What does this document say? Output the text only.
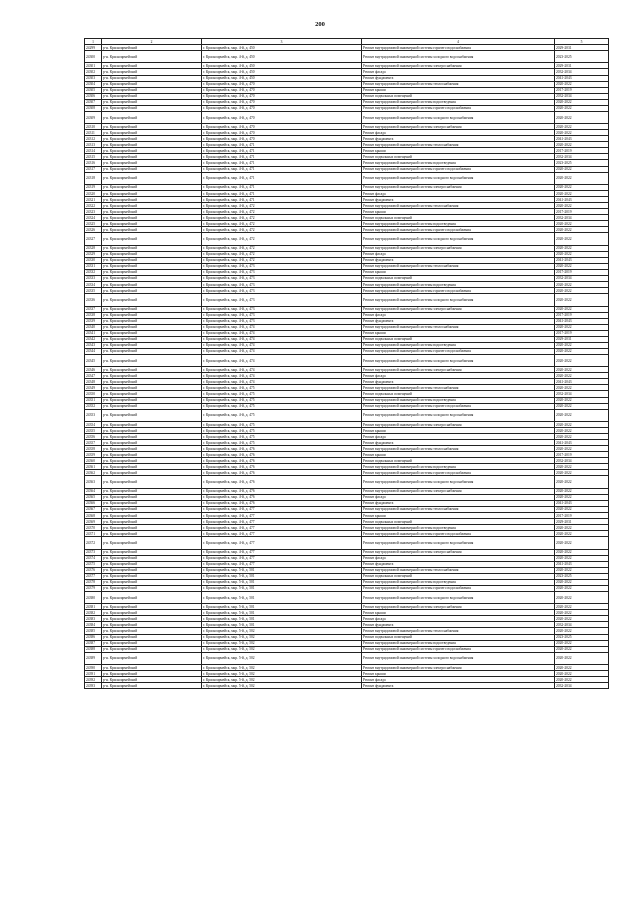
200
1	2	3	4	5
24299	р-н. Красноармейский	г. Красноармейск, мкр. 4-й, д. 450	Ремонт внутридомовой инженерной системы горячего водоснабжения	2029-2031
24300	р-н. Красноармейский	г. Красноармейск, мкр. 4-й, д. 450	Ремонт внутридомовой инженерной системы холодного водоснабжения	2023-2025
24301	р-н. Красноармейский	г. Красноармейск, мкр. 4-й, д. 450	Ремонт внутридомовой инженерной системы электроснабжения	2029-2031
24302	р-н. Красноармейский	г. Красноармейск, мкр. 4-й, д. 450	Ремонт фасада	2032-2034
24303	р-н. Красноармейский	г. Красноармейск, мкр. 4-й, д. 450	Ремонт фундамента	2041-2043
24304	р-н. Красноармейский	г. Красноармейск, мкр. 4-й, д. 470	Ремонт внутридомовой инженерной системы теплоснабжения	2020-2022
24305	р-н. Красноармейский	г. Красноармейск, мкр. 4-й, д. 470	Ремонт крыши	2017-2019
24306	р-н. Красноармейский	г. Красноармейск, мкр. 4-й, д. 470	Ремонт подвальных помещений	2032-2034
24307	р-н. Красноармейский	г. Красноармейск, мкр. 4-й, д. 470	Ремонт внутридомовой инженерной системы водоотведения	2020-2022
24308	р-н. Красноармейский	г. Красноармейск, мкр. 4-й, д. 470	Ремонт внутридомовой инженерной системы горячего водоснабжения	2020-2022
24309	р-н. Красноармейский	г. Красноармейск, мкр. 4-й, д. 470	Ремонт внутридомовой инженерной системы холодного водоснабжения	2020-2022
24310	р-н. Красноармейский	г. Красноармейск, мкр. 4-й, д. 470	Ремонт внутридомовой инженерной системы электроснабжения	2020-2022
24311	р-н. Красноармейский	г. Красноармейск, мкр. 4-й, д. 470	Ремонт фасада	2020-2022
24312	р-н. Красноармейский	г. Красноармейск, мкр. 4-й, д. 470	Ремонт фундамента	2041-2043
24313	р-н. Красноармейский	г. Красноармейск, мкр. 4-й, д. 471	Ремонт внутридомовой инженерной системы теплоснабжения	2020-2022
24314	р-н. Красноармейский	г. Красноармейск, мкр. 4-й, д. 471	Ремонт крыши	2017-2019
24315	р-н. Красноармейский	г. Красноармейск, мкр. 4-й, д. 471	Ремонт подвальных помещений	2032-2034
24316	р-н. Красноармейский	г. Красноармейск, мкр. 4-й, д. 471	Ремонт внутридомовой инженерной системы водоотведения	2023-2025
24317	р-н. Красноармейский	г. Красноармейск, мкр. 4-й, д. 471	Ремонт внутридомовой инженерной системы горячего водоснабжения	2020-2022
24318	р-н. Красноармейский	г. Красноармейск, мкр. 4-й, д. 471	Ремонт внутридомовой инженерной системы холодного водоснабжения	2020-2022
24319	р-н. Красноармейский	г. Красноармейск, мкр. 4-й, д. 471	Ремонт внутридомовой инженерной системы электроснабжения	2020-2022
24320	р-н. Красноармейский	г. Красноармейск, мкр. 4-й, д. 471	Ремонт фасада	2020-2022
24321	р-н. Красноармейский	г. Красноармейск, мкр. 4-й, д. 471	Ремонт фундамента	2041-2043
24322	р-н. Красноармейский	г. Красноармейск, мкр. 4-й, д. 472	Ремонт внутридомовой инженерной системы теплоснабжения	2020-2022
24323	р-н. Красноармейский	г. Красноармейск, мкр. 4-й, д. 472	Ремонт крыши	2017-2019
24324	р-н. Красноармейский	г. Красноармейск, мкр. 4-й, д. 472	Ремонт подвальных помещений	2032-2034
24325	р-н. Красноармейский	г. Красноармейск, мкр. 4-й, д. 472	Ремонт внутридомовой инженерной системы водоотведения	2020-2022
24326	р-н. Красноармейский	г. Красноармейск, мкр. 4-й, д. 472	Ремонт внутридомовой инженерной системы горячего водоснабжения	2020-2022
24327	р-н. Красноармейский	г. Красноармейск, мкр. 4-й, д. 472	Ремонт внутридомовой инженерной системы холодного водоснабжения	2020-2022
24328	р-н. Красноармейский	г. Красноармейск, мкр. 4-й, д. 472	Ремонт внутридомовой инженерной системы электроснабжения	2020-2022
24329	р-н. Красноармейский	г. Красноармейск, мкр. 4-й, д. 472	Ремонт фасада	2020-2022
24330	р-н. Красноармейский	г. Красноармейск, мкр. 4-й, д. 472	Ремонт фундамента	2041-2043
24331	р-н. Красноармейский	г. Красноармейск, мкр. 4-й, д. 473	Ремонт внутридомовой инженерной системы теплоснабжения	2020-2022
24332	р-н. Красноармейский	г. Красноармейск, мкр. 4-й, д. 473	Ремонт крыши	2017-2019
24333	р-н. Красноармейский	г. Красноармейск, мкр. 4-й, д. 473	Ремонт подвальных помещений	2032-2034
24334	р-н. Красноармейский	г. Красноармейск, мкр. 4-й, д. 473	Ремонт внутридомовой инженерной системы водоотведения	2020-2022
24335	р-н. Красноармейский	г. Красноармейск, мкр. 4-й, д. 473	Ремонт внутридомовой инженерной системы горячего водоснабжения	2020-2022
24336	р-н. Красноармейский	г. Красноармейск, мкр. 4-й, д. 473	Ремонт внутридомовой инженерной системы холодного водоснабжения	2020-2022
24337	р-н. Красноармейский	г. Красноармейск, мкр. 4-й, д. 473	Ремонт внутридомовой инженерной системы электроснабжения	2020-2022
24338	р-н. Красноармейский	г. Красноармейск, мкр. 4-й, д. 473	Ремонт фасада	2017-2019
24339	р-н. Красноармейский	г. Красноармейск, мкр. 4-й, д. 473	Ремонт фундамента	2041-2043
24340	р-н. Красноармейский	г. Красноармейск, мкр. 4-й, д. 474	Ремонт внутридомовой инженерной системы теплоснабжения	2020-2022
24341	р-н. Красноармейский	г. Красноармейск, мкр. 4-й, д. 474	Ремонт крыши	2017-2019
24342	р-н. Красноармейский	г. Красноармейск, мкр. 4-й, д. 474	Ремонт подвальных помещений	2029-2031
24343	р-н. Красноармейский	г. Красноармейск, мкр. 4-й, д. 474	Ремонт внутридомовой инженерной системы водоотведения	2020-2022
24344	р-н. Красноармейский	г. Красноармейск, мкр. 4-й, д. 474	Ремонт внутридомовой инженерной системы горячего водоснабжения	2020-2022
24345	р-н. Красноармейский	г. Красноармейск, мкр. 4-й, д. 474	Ремонт внутридомовой инженерной системы холодного водоснабжения	2020-2022
24346	р-н. Красноармейский	г. Красноармейск, мкр. 4-й, д. 474	Ремонт внутридомовой инженерной системы электроснабжения	2020-2022
24347	р-н. Красноармейский	г. Красноармейск, мкр. 4-й, д. 474	Ремонт фасада	2020-2022
24348	р-н. Красноармейский	г. Красноармейск, мкр. 4-й, д. 474	Ремонт фундамента	2041-2043
24349	р-н. Красноармейский	г. Красноармейск, мкр. 4-й, д. 475	Ремонт внутридомовой инженерной системы теплоснабжения	2020-2022
24350	р-н. Красноармейский	г. Красноармейск, мкр. 4-й, д. 475	Ремонт подвальных помещений	2032-2034
24351	р-н. Красноармейский	г. Красноармейск, мкр. 4-й, д. 475	Ремонт внутридомовой инженерной системы водоотведения	2020-2022
24352	р-н. Красноармейский	г. Красноармейск, мкр. 4-й, д. 475	Ремонт внутридомовой инженерной системы горячего водоснабжения	2020-2022
24353	р-н. Красноармейский	г. Красноармейск, мкр. 4-й, д. 475	Ремонт внутридомовой инженерной системы холодного водоснабжения	2020-2022
24354	р-н. Красноармейский	г. Красноармейск, мкр. 4-й, д. 475	Ремонт внутридомовой инженерной системы электроснабжения	2020-2022
24355	р-н. Красноармейский	г. Красноармейск, мкр. 4-й, д. 475	Ремонт крыши	2020-2022
24356	р-н. Красноармейский	г. Красноармейск, мкр. 4-й, д. 475	Ремонт фасада	2020-2022
24357	р-н. Красноармейский	г. Красноармейск, мкр. 4-й, д. 475	Ремонт фундамента	2041-2043
24358	р-н. Красноармейский	г. Красноармейск, мкр. 4-й, д. 476	Ремонт внутридомовой инженерной системы теплоснабжения	2020-2022
24359	р-н. Красноармейский	г. Красноармейск, мкр. 4-й, д. 476	Ремонт крыши	2017-2019
24360	р-н. Красноармейский	г. Красноармейск, мкр. 4-й, д. 476	Ремонт подвальных помещений	2032-2034
24361	р-н. Красноармейский	г. Красноармейск, мкр. 4-й, д. 476	Ремонт внутридомовой инженерной системы водоотведения	2020-2022
24362	р-н. Красноармейский	г. Красноармейск, мкр. 4-й, д. 476	Ремонт внутридомовой инженерной системы горячего водоснабжения	2020-2022
24363	р-н. Красноармейский	г. Красноармейск, мкр. 4-й, д. 476	Ремонт внутридомовой инженерной системы холодного водоснабжения	2020-2022
24364	р-н. Красноармейский	г. Красноармейск, мкр. 4-й, д. 476	Ремонт внутридомовой инженерной системы электроснабжения	2020-2022
24365	р-н. Красноармейский	г. Красноармейск, мкр. 4-й, д. 476	Ремонт фасада	2020-2022
24366	р-н. Красноармейский	г. Красноармейск, мкр. 4-й, д. 476	Ремонт фундамента	2041-2043
24367	р-н. Красноармейский	г. Красноармейск, мкр. 4-й, д. 477	Ремонт внутридомовой инженерной системы теплоснабжения	2020-2022
24368	р-н. Красноармейский	г. Красноармейск, мкр. 4-й, д. 477	Ремонт крыши	2017-2019
24369	р-н. Красноармейский	г. Красноармейск, мкр. 4-й, д. 477	Ремонт подвальных помещений	2029-2031
24370	р-н. Красноармейский	г. Красноармейск, мкр. 4-й, д. 477	Ремонт внутридомовой инженерной системы водоотведения	2020-2022
24371	р-н. Красноармейский	г. Красноармейск, мкр. 4-й, д. 477	Ремонт внутридомовой инженерной системы горячего водоснабжения	2020-2022
24372	р-н. Красноармейский	г. Красноармейск, мкр. 4-й, д. 477	Ремонт внутридомовой инженерной системы холодного водоснабжения	2020-2022
24373	р-н. Красноармейский	г. Красноармейск, мкр. 4-й, д. 477	Ремонт внутридомовой инженерной системы электроснабжения	2020-2022
24374	р-н. Красноармейский	г. Красноармейск, мкр. 4-й, д. 477	Ремонт фасада	2020-2022
24375	р-н. Красноармейский	г. Красноармейск, мкр. 4-й, д. 477	Ремонт фундамента	2041-2043
24376	р-н. Красноармейский	г. Красноармейск, мкр. 5-й, д. 501	Ремонт внутридомовой инженерной системы теплоснабжения	2020-2022
24377	р-н. Красноармейский	г. Красноармейск, мкр. 5-й, д. 501	Ремонт подвальных помещений	2023-2025
24378	р-н. Красноармейский	г. Красноармейск, мкр. 5-й, д. 501	Ремонт внутридомовой инженерной системы водоотведения	2020-2022
24379	р-н. Красноармейский	г. Красноармейск, мкр. 5-й, д. 501	Ремонт внутридомовой инженерной системы горячего водоснабжения	2020-2022
24380	р-н. Красноармейский	г. Красноармейск, мкр. 5-й, д. 501	Ремонт внутридомовой инженерной системы холодного водоснабжения	2020-2022
24381	р-н. Красноармейский	г. Красноармейск, мкр. 5-й, д. 501	Ремонт внутридомовой инженерной системы электроснабжения	2020-2022
24382	р-н. Красноармейский	г. Красноармейск, мкр. 5-й, д. 501	Ремонт крыши	2020-2022
24383	р-н. Красноармейский	г. Красноармейск, мкр. 5-й, д. 501	Ремонт фасада	2020-2022
24384	р-н. Красноармейский	г. Красноармейск, мкр. 5-й, д. 501	Ремонт фундамента	2032-2034
24385	р-н. Красноармейский	г. Красноармейск, мкр. 5-й, д. 502	Ремонт внутридомовой инженерной системы теплоснабжения	2020-2022
24386	р-н. Красноармейский	г. Красноармейск, мкр. 5-й, д. 502	Ремонт подвальных помещений	2023-2025
24387	р-н. Красноармейский	г. Красноармейск, мкр. 5-й, д. 502	Ремонт внутридомовой инженерной системы водоотведения	2020-2022
24388	р-н. Красноармейский	г. Красноармейск, мкр. 5-й, д. 502	Ремонт внутридомовой инженерной системы горячего водоснабжения	2020-2022
24389	р-н. Красноармейский	г. Красноармейск, мкр. 5-й, д. 502	Ремонт внутридомовой инженерной системы холодного водоснабжения	2020-2022
24390	р-н. Красноармейский	г. Красноармейск, мкр. 5-й, д. 502	Ремонт внутридомовой инженерной системы электроснабжения	2020-2022
24391	р-н. Красноармейский	г. Красноармейск, мкр. 5-й, д. 502	Ремонт крыши	2020-2022
24392	р-н. Красноармейский	г. Красноармейск, мкр. 5-й, д. 502	Ремонт фасада	2020-2022
24393	р-н. Красноармейский	г. Красноармейск, мкр. 5-й, д. 502	Ремонт фундамента	2032-2034
